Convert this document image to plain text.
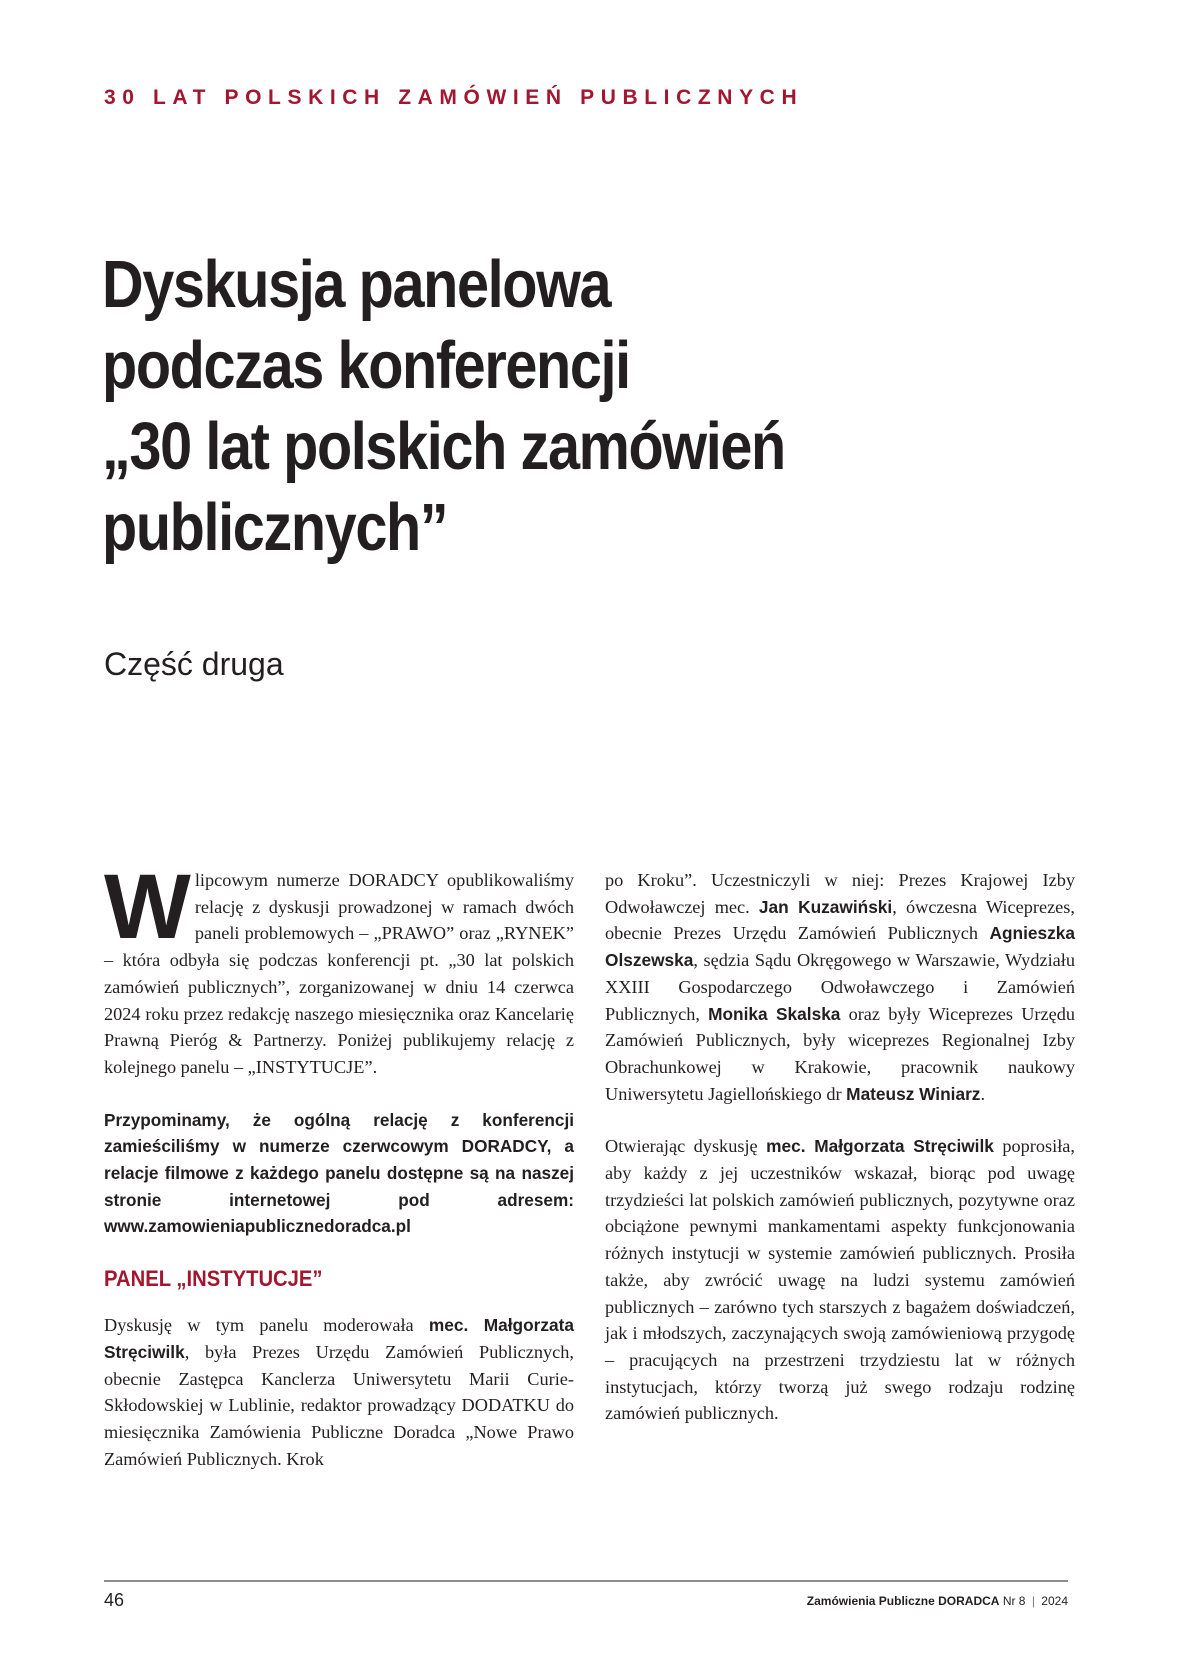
30 LAT POLSKICH ZAMÓWIEŃ PUBLICZNYCH
Dyskusja panelowa
podczas konferencji
„30 lat polskich zamówień
publicznych”
Część druga

W lipcowym numerze DORADCY opublikowaliśmy relację z dyskusji prowadzonej w ramach dwóch paneli problemowych – „PRAWO” oraz „RYNEK” – która odbyła się podczas konferencji pt. „30 lat polskich zamówień publicznych”, zorganizowanej w dniu 14 czerwca 2024 roku przez redakcję naszego miesięcznika oraz Kancelarię Prawną Pieróg & Partnerzy. Poniżej publikujemy relację z kolejnego panelu – „INSTYTUCJE”.

Przypominamy, że ogólną relację z konferencji zamieściliśmy w numerze czerwcowym DORADCY, a relacje filmowe z każdego panelu dostępne są na naszej stronie internetowej pod adresem: www.zamowieniapublicznedoradca.pl

PANEL „INSTYTUCJE”

Dyskusję w tym panelu moderowała mec. Małgorzata Stręciwilk, była Prezes Urzędu Zamówień Publicznych, obecnie Zastępca Kanclerza Uniwersytetu Marii Curie-Skłodowskiej w Lublinie, redaktor prowadzący DODATKU do miesięcznika Zamówienia Publiczne Doradca „Nowe Prawo Zamówień Publicznych. Krok

po Kroku”. Uczestniczyli w niej: Prezes Krajowej Izby Odwoławczej mec. Jan Kuzawiński, ówczesna Wiceprezes, obecnie Prezes Urzędu Zamówień Publicznych Agnieszka Olszewska, sędzia Sądu Okręgowego w Warszawie, Wydziału XXIII Gospodarczego Odwoławczego i Zamówień Publicznych, Monika Skalska oraz były Wiceprezes Urzędu Zamówień Publicznych, były wiceprezes Regionalnej Izby Obrachunkowej w Krakowie, pracownik naukowy Uniwersytetu Jagiellońskiego dr Mateusz Winiarz.

Otwierając dyskusję mec. Małgorzata Stręciwilk poprosiła, aby każdy z jej uczestników wskazał, biorąc pod uwagę trzydzieści lat polskich zamówień publicznych, pozytywne oraz obciążone pewnymi mankamentami aspekty funkcjonowania różnych instytucji w systemie zamówień publicznych. Prosiła także, aby zwrócić uwagę na ludzi systemu zamówień publicznych – zarówno tych starszych z bagażem doświadczeń, jak i młodszych, zaczynających swoją zamówieniową przygodę – pracujących na przestrzeni trzydziestu lat w różnych instytucjach, którzy tworzą już swego rodzaju rodzinę zamówień publicznych.

46	Zamówienia Publiczne DORADCA Nr 8 | 2024
